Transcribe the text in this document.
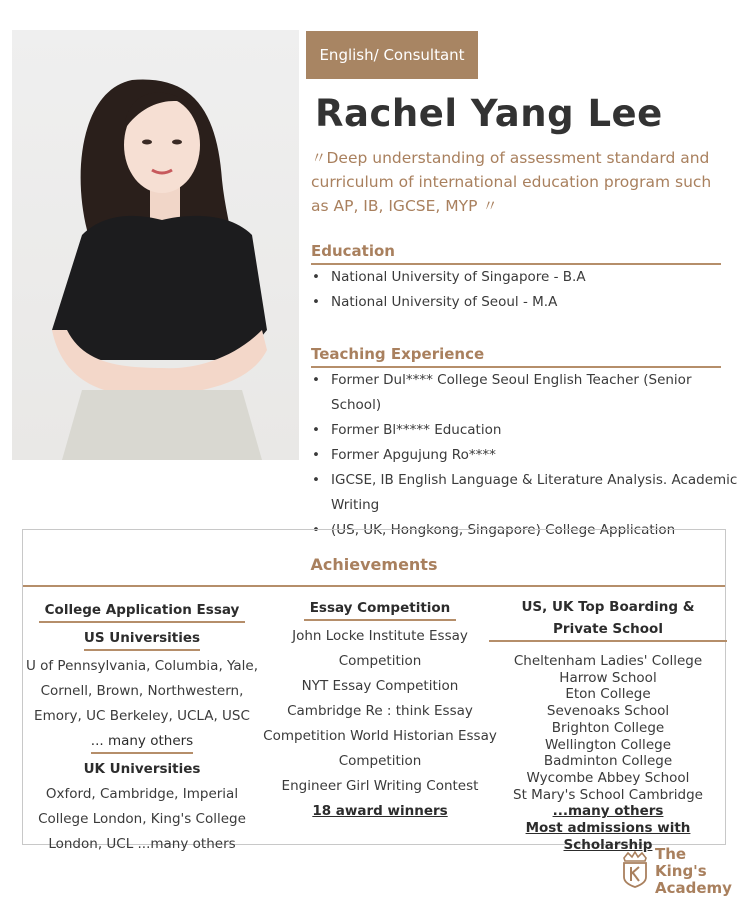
English/ Consultant
Rachel Yang Lee
〃Deep understanding of assessment standard and curriculum of international education program such as AP, IB, IGCSE, MYP 〃
Education
• National University of Singapore - B.A
• National University of Seoul - M.A
Teaching Experience
• Former Dul**** College Seoul English Teacher (Senior School)
• Former Bl***** Education
• Former Apgujung Ro****
• IGCSE, IB English Language & Literature Analysis. Academic Writing
• (US, UK, Hongkong, Singapore) College Application
Achievements
College Application Essay
US Universities
U of Pennsylvania, Columbia, Yale, Cornell, Brown, Northwestern, Emory, UC Berkeley, UCLA, USC
... many others
UK Universities
Oxford, Cambridge, Imperial College London, King's College London, UCL ...many others
Essay Competition
John Locke Institute Essay Competition
NYT Essay Competition
Cambridge Re : think Essay Competition World Historian Essay Competition
Engineer Girl Writing Contest
18 award winners
US, UK Top Boarding & Private School
Cheltenham Ladies' College
Harrow School
Eton College
Sevenoaks School
Brighton College
Wellington College
Badminton College
Wycombe Abbey School
St Mary's School Cambridge
...many others
Most admissions with Scholarship The King's
Academy
